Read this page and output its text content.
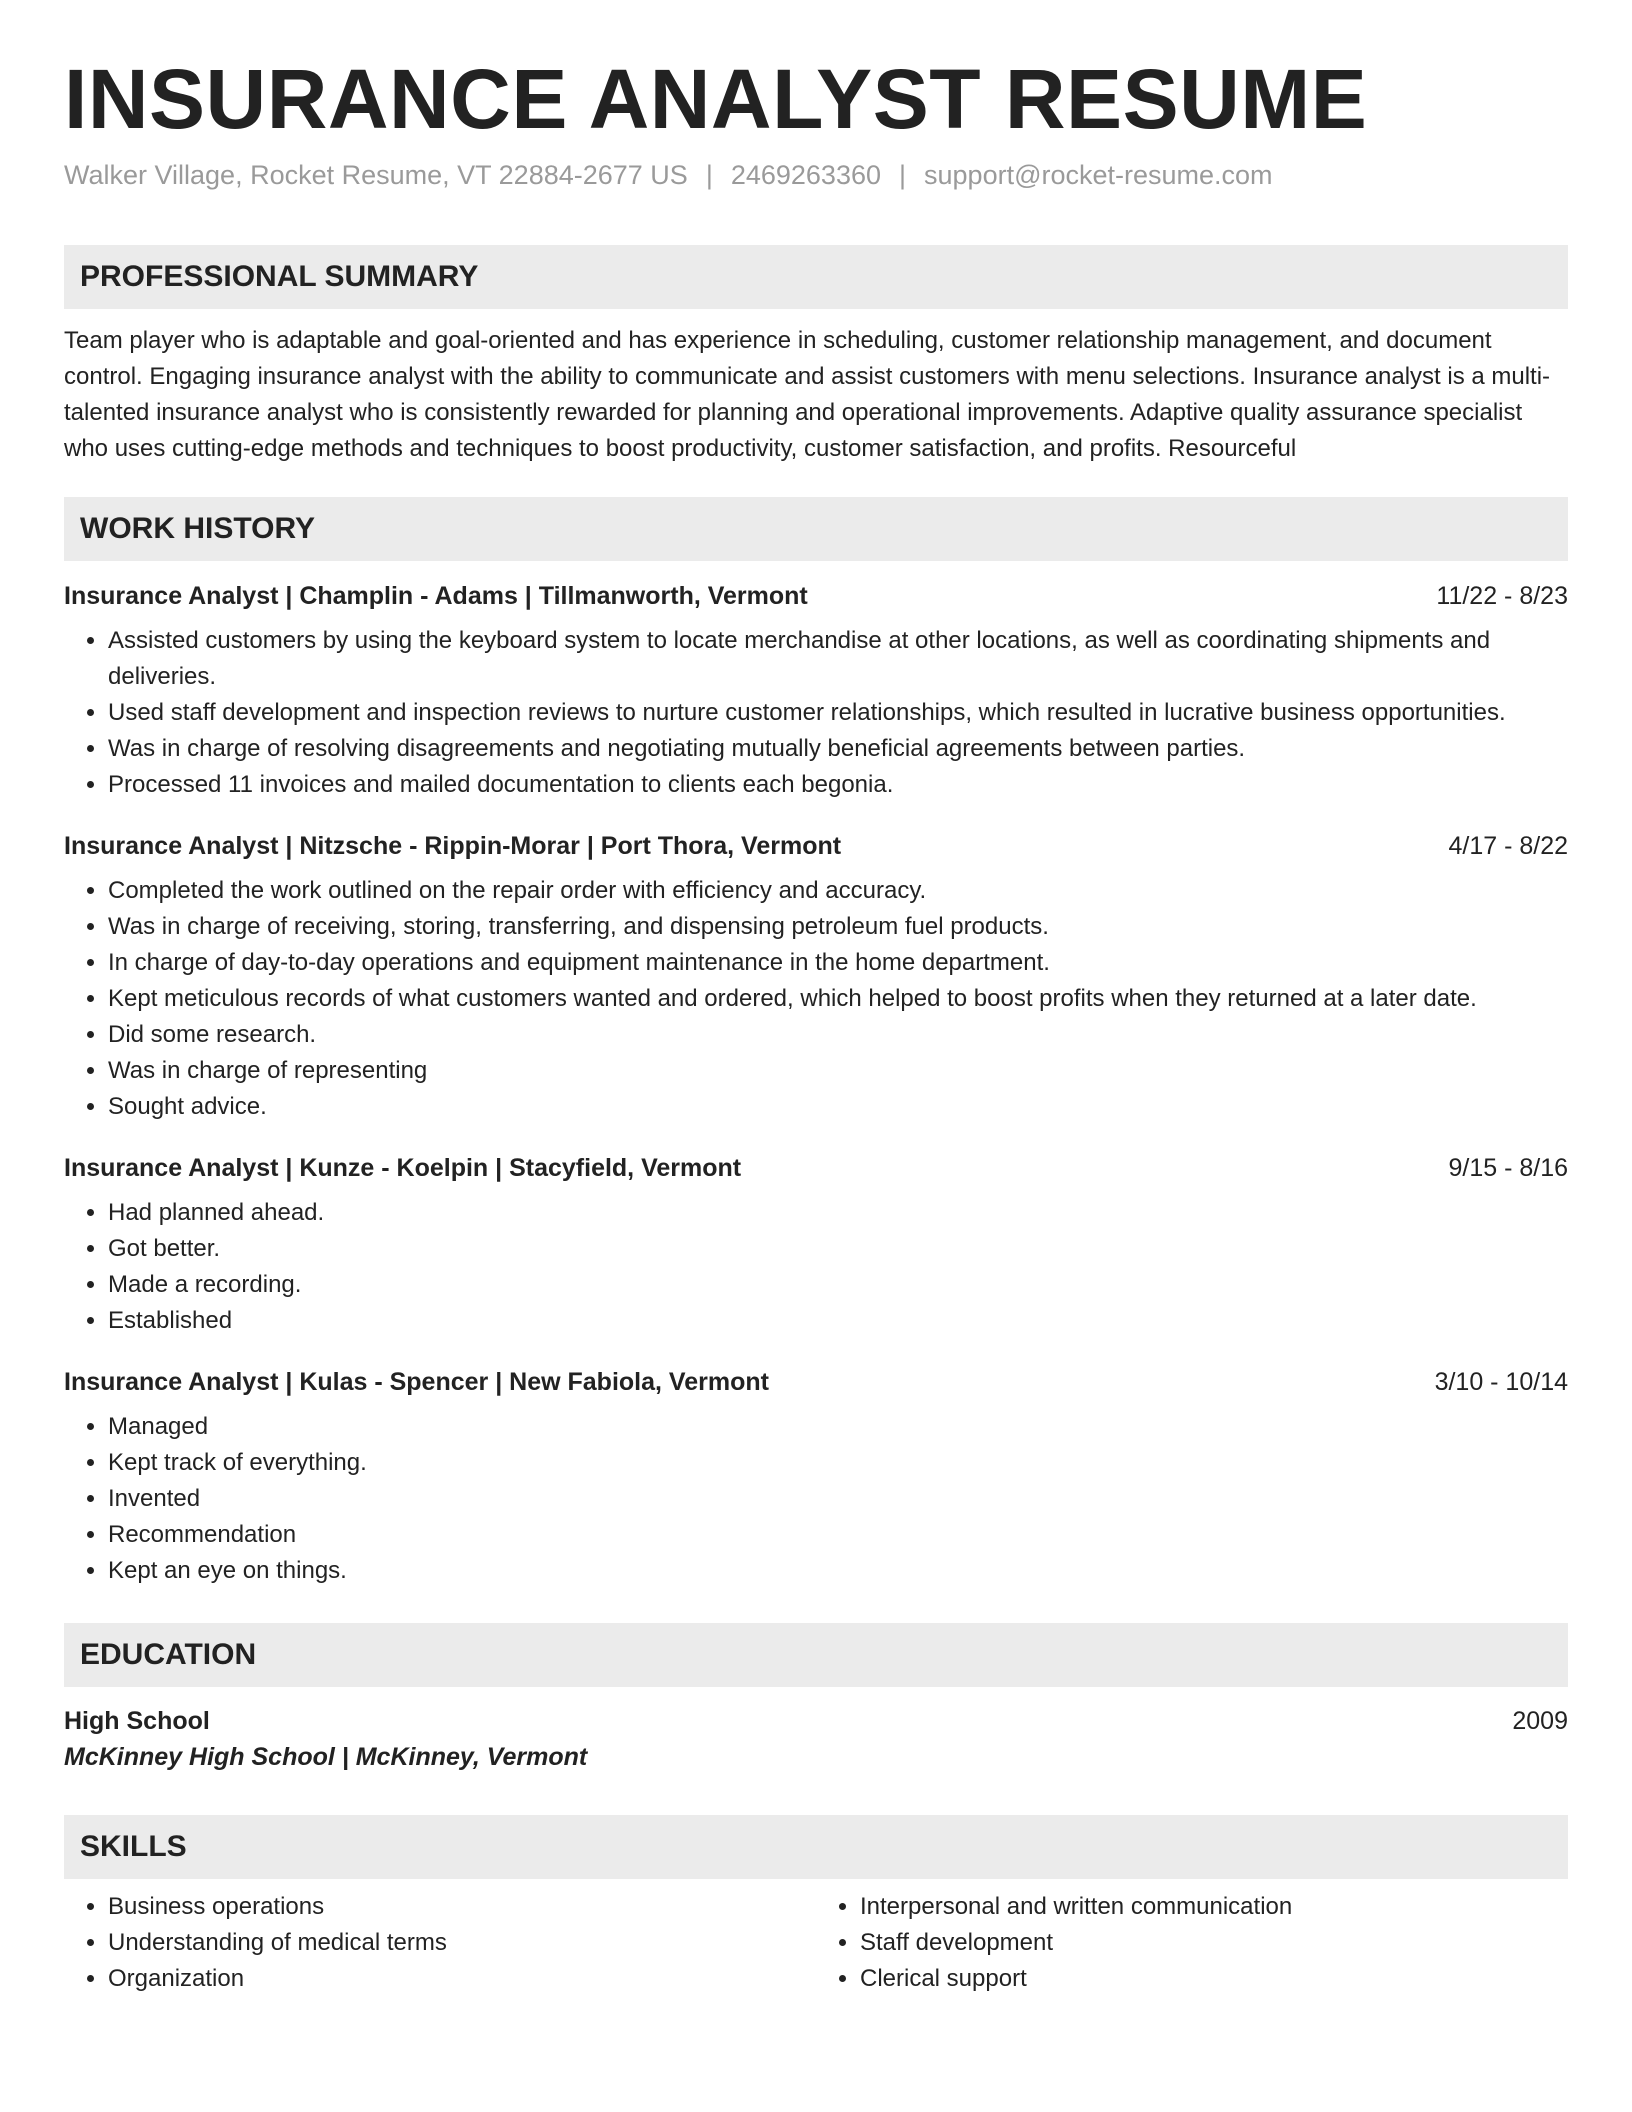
INSURANCE ANALYST RESUME
Walker Village, Rocket Resume, VT 22884-2677 US | 2469263360 | support@rocket-resume.com
PROFESSIONAL SUMMARY

Team player who is adaptable and goal-oriented and has experience in scheduling, customer relationship management, and document control. Engaging insurance analyst with the ability to communicate and assist customers with menu selections. Insurance analyst is a multi-talented insurance analyst who is consistently rewarded for planning and operational improvements. Adaptive quality assurance specialist who uses cutting-edge methods and techniques to boost productivity, customer satisfaction, and profits. Resourceful

WORK HISTORY
Insurance Analyst | Champlin - Adams | Tillmanworth, Vermont	11/22 - 8/23
• Assisted customers by using the keyboard system to locate merchandise at other locations, as well as coordinating shipments and deliveries.
• Used staff development and inspection reviews to nurture customer relationships, which resulted in lucrative business opportunities.
• Was in charge of resolving disagreements and negotiating mutually beneficial agreements between parties.
• Processed 11 invoices and mailed documentation to clients each begonia.
Insurance Analyst | Nitzsche - Rippin-Morar | Port Thora, Vermont	4/17 - 8/22
• Completed the work outlined on the repair order with efficiency and accuracy.
• Was in charge of receiving, storing, transferring, and dispensing petroleum fuel products.
• In charge of day-to-day operations and equipment maintenance in the home department.
• Kept meticulous records of what customers wanted and ordered, which helped to boost profits when they returned at a later date.
• Did some research.
• Was in charge of representing
• Sought advice.
Insurance Analyst | Kunze - Koelpin | Stacyfield, Vermont	9/15 - 8/16
• Had planned ahead.
• Got better.
• Made a recording.
• Established
Insurance Analyst | Kulas - Spencer | New Fabiola, Vermont	3/10 - 10/14
• Managed
• Kept track of everything.
• Invented
• Recommendation
• Kept an eye on things.
EDUCATION
High School	2009
McKinney High School | McKinney, Vermont
SKILLS
• Business operations
• Understanding of medical terms
• Organization
• Interpersonal and written communication
• Staff development
• Clerical support
